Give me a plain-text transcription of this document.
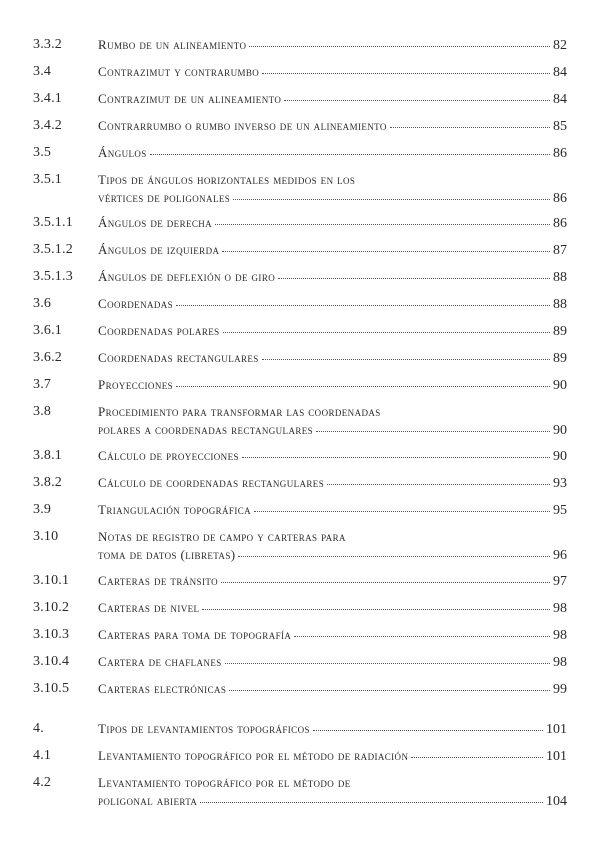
3.3.2	Rumbo de un alineamiento	82
3.4	Contrazimut y contrarumbo	84
3.4.1	Contrazimut de un alineamiento	84
3.4.2	Contrarrumbo o rumbo inverso de un alineamiento	85
3.5	Ángulos	86
3.5.1	Tipos de ángulos horizontales medidos en los
vértices de poligonales	86
3.5.1.1 Ángulos de derecha	86
3.5.1.2 Ángulos de izquierda	87
3.5.1.3 Ángulos de deflexión o de giro	88
3.6	Coordenadas	88
3.6.1	Coordenadas polares	89
3.6.2	Coordenadas rectangulares	89
3.7	Proyecciones	90
3.8	Procedimiento para transformar las coordenadas
polares a coordenadas rectangulares	90
3.8.1	Cálculo de proyecciones	90
3.8.2	Cálculo de coordenadas rectangulares	93
3.9	Triangulación topográfica	95
3.10	Notas de registro de campo y carteras para
toma de datos (libretas)	96
3.10.1 Carteras de tránsito	97
3.10.2 Carteras de nivel	98
3.10.3 Carteras para toma de topografía	98
3.10.4 Cartera de chaflanes	98
3.10.5 Carteras electrónicas	99
4.	Tipos de levantamientos topográficos	101
4.1	Levantamiento topográfico por el método de radiación	101
4.2	Levantamiento topográfico por el método de
poligonal abierta	104
